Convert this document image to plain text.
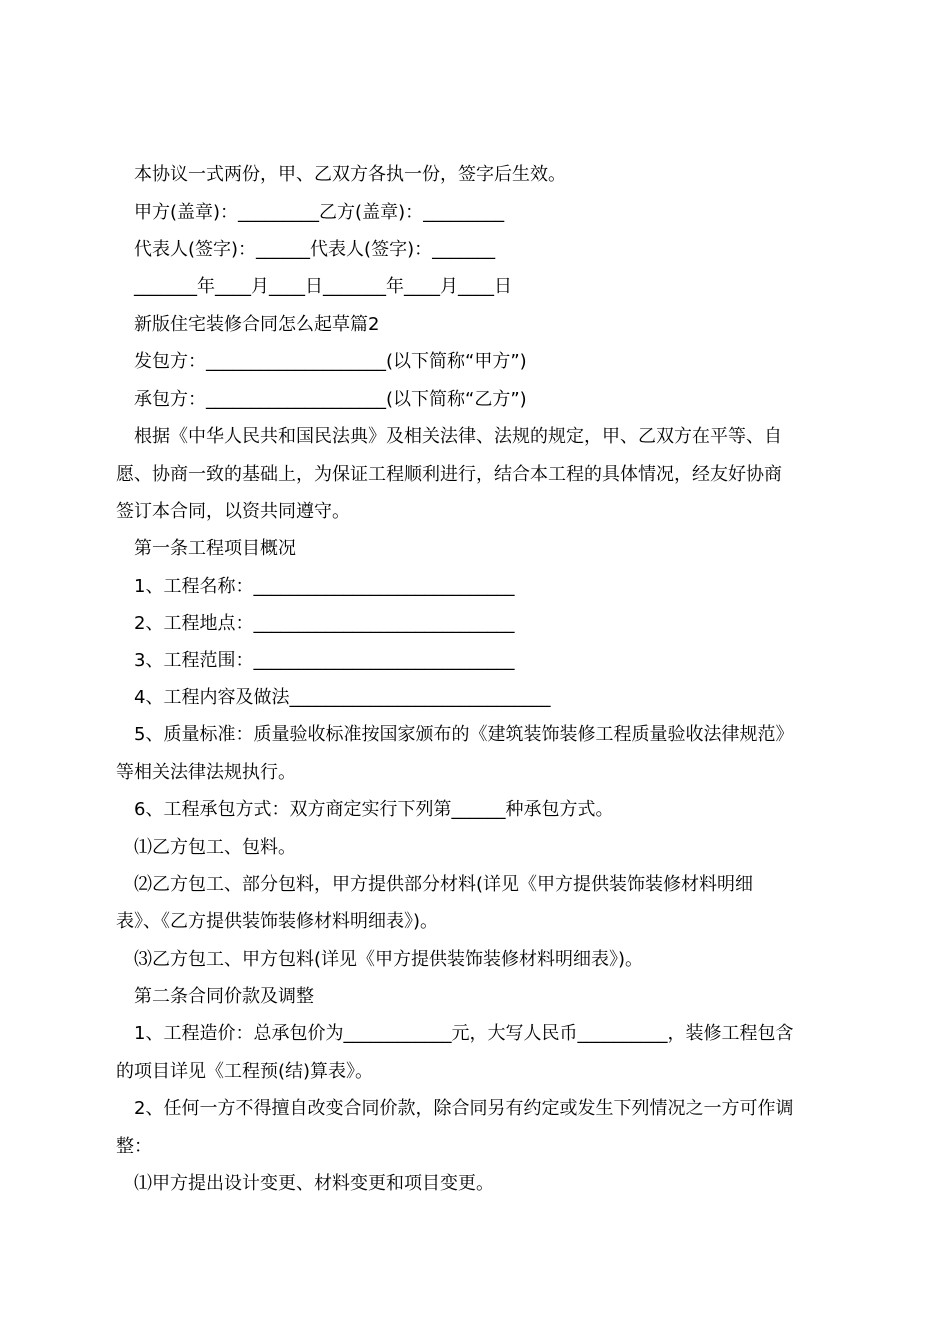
本协议一式两份，甲、乙双方各执一份，签字后生效。
甲方(盖章)：_________乙方(盖章)：_________
代表人(签字)：______代表人(签字)：_______
_______年____月____日_______年____月____日
新版住宅装修合同怎么起草篇2
发包方：____________________(以下简称“甲方”)
承包方：____________________(以下简称“乙方”)
根据《中华人民共和国民法典》及相关法律、法规的规定，甲、乙双方在平等、自
愿、协商一致的基础上，为保证工程顺利进行，结合本工程的具体情况，经友好协商
签订本合同，以资共同遵守。
第一条工程项目概况
1、工程名称：_____________________________
2、工程地点：_____________________________
3、工程范围：_____________________________
4、工程内容及做法_____________________________
5、质量标准：质量验收标准按国家颁布的《建筑装饰装修工程质量验收法律规范》
等相关法律法规执行。
6、工程承包方式：双方商定实行下列第______种承包方式。
⑴乙方包工、包料。
⑵乙方包工、部分包料，甲方提供部分材料(详见《甲方提供装饰装修材料明细
表》、《乙方提供装饰装修材料明细表》)。
⑶乙方包工、甲方包料(详见《甲方提供装饰装修材料明细表》)。
第二条合同价款及调整
1、工程造价：总承包价为____________元，大写人民币__________，装修工程包含
的项目详见《工程预(结)算表》。
2、任何一方不得擅自改变合同价款，除合同另有约定或发生下列情况之一方可作调
整：
⑴甲方提出设计变更、材料变更和项目变更。
